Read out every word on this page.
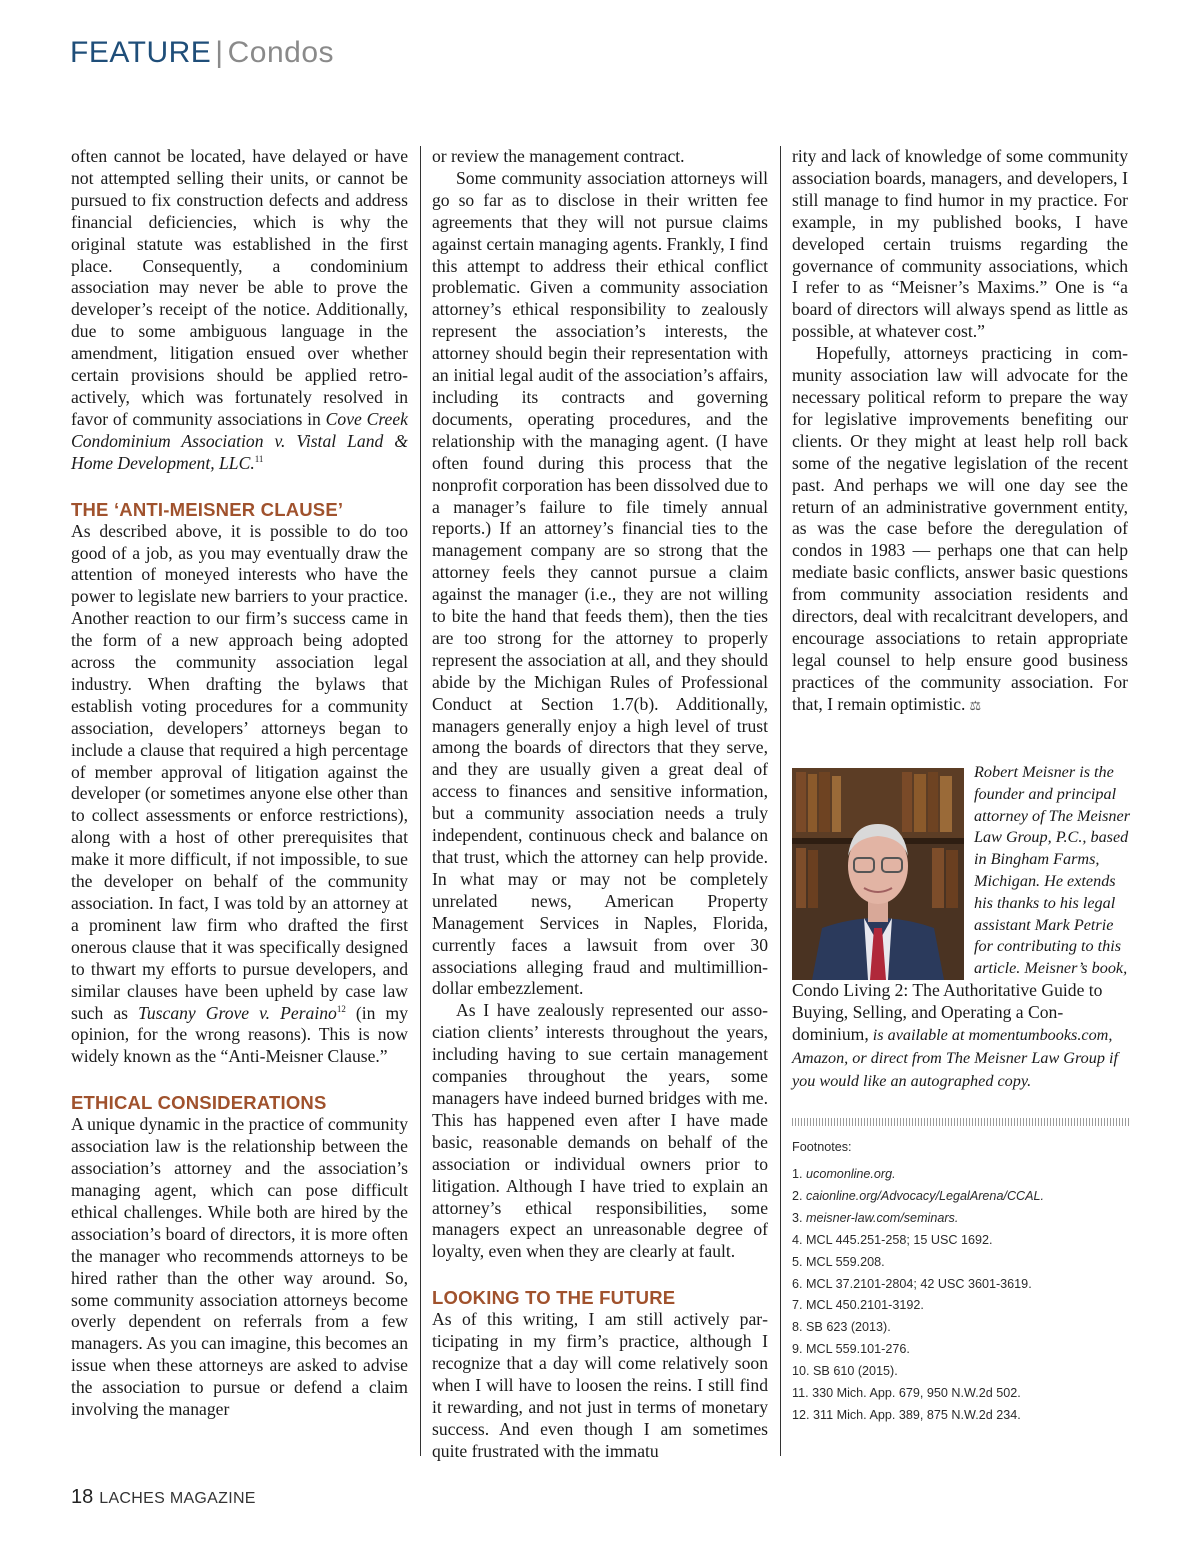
FEATURE | Condos

often cannot be located, have delayed or have not attempted selling their units, or cannot be pursued to fix construction defects and address financial deficiencies, which is why the original statute was established in the first place. Consequently, a condominium association may never be able to prove the developer’s receipt of the notice. Additionally, due to some ambiguous language in the amendment, litigation ensued over whether certain provisions should be applied retroactively, which was fortunately resolved in favor of community associations in Cove Creek Condominium Association v. Vistal Land & Home Development, LLC.$^{11}$

THE ‘ANTI-MEISNER CLAUSE’

As described above, it is possible to do too good of a job, as you may eventually draw the attention of moneyed interests who have the power to legislate new barriers to your practice. Another reaction to our firm’s success came in the form of a new approach being adopted across the community association legal industry. When drafting the bylaws that establish voting procedures for a community association, developers’ attorneys began to include a clause that required a high percentage of member approval of litigation against the developer (or sometimes anyone else other than to collect assessments or enforce restrictions), along with a host of other prerequisites that make it more difficult, if not impossible, to sue the developer on behalf of the community association. In fact, I was told by an attorney at a prominent law firm who drafted the first onerous clause that it was specifically designed to thwart my efforts to pursue developers, and similar clauses have been upheld by case law such as Tuscany Grove v. Peraino$^{12}$ (in my opinion, for the wrong reasons). This is now widely known as the “Anti-Meisner Clause.”

ETHICAL CONSIDERATIONS

A unique dynamic in the practice of community association law is the relationship between the association’s attorney and the association’s managing agent, which can pose difficult ethical challenges. While both are hired by the association’s board of directors, it is more often the manager who recommends attorneys to be hired rather than the other way around. So, some community association attorneys become overly dependent on referrals from a few managers. As you can imagine, this becomes an issue when these attorneys are asked to advise the association to pursue or defend a claim involving the manager

or review the management contract.

Some community association attorneys will go so far as to disclose in their written fee agreements that they will not pursue claims against certain managing agents. Frankly, I find this attempt to address their ethical conflict problematic. Given a community association attorney’s ethical responsibility to zealously represent the association’s interests, the attorney should begin their representation with an initial legal audit of the association’s affairs, including its contracts and governing documents, operating procedures, and the relationship with the managing agent. (I have often found during this process that the nonprofit corporation has been dissolved due to a manager’s failure to file timely annual reports.) If an attorney’s financial ties to the management company are so strong that the attorney feels they cannot pursue a claim against the manager (i.e., they are not willing to bite the hand that feeds them), then the ties are too strong for the attorney to properly represent the association at all, and they should abide by the Michigan Rules of Professional Conduct at Section 1.7(b). Additionally, managers generally enjoy a high level of trust among the boards of directors that they serve, and they are usually given a great deal of access to finances and sensitive information, but a community association needs a truly independent, continuous check and balance on that trust, which the attorney can help provide. In what may or may not be completely unrelated news, American Property Management Services in Naples, Florida, currently faces a lawsuit from over 30 associations alleging fraud and multimillion-dollar embezzlement.

As I have zealously represented our association clients’ interests throughout the years, including having to sue certain management companies throughout the years, some managers have indeed burned bridges with me. This has happened even after I have made basic, reasonable demands on behalf of the association or individual owners prior to litigation. Although I have tried to explain an attorney’s ethical responsibilities, some managers expect an unreasonable degree of loyalty, even when they are clearly at fault.

LOOKING TO THE FUTURE

As of this writing, I am still actively participating in my firm’s practice, although I recognize that a day will come relatively soon when I will have to loosen the reins. I still find it rewarding, and not just in terms of monetary success. And even though I am sometimes quite frustrated with the immatu

rity and lack of knowledge of some community association boards, managers, and developers, I still manage to find humor in my practice. For example, in my published books, I have developed certain truisms regarding the governance of community associations, which I refer to as “Meisner’s Maxims.” One is “a board of directors will always spend as little as possible, at whatever cost.”

Hopefully, attorneys practicing in community association law will advocate for the necessary political reform to prepare the way for legislative improvements benefiting our clients. Or they might at least help roll back some of the negative legislation of the recent past. And perhaps we will one day see the return of an administrative government entity, as was the case before the deregulation of condos in 1983 — perhaps one that can help mediate basic conflicts, answer basic questions from community association residents and directors, deal with recalcitrant developers, and encourage associations to retain appropriate legal counsel to help ensure good business practices of the community association. For that, I remain optimistic. ⚖

Robert Meisner is the founder and principal attorney of The Meisner Law Group, P.C., based in Bingham Farms, Michigan. He extends his thanks to his legal assistant Mark Petrie for contributing to this article. Meisner’s book,
Condo Living 2: The Authoritative Guide to Buying, Selling, and Operating a Condominium, is available at momentumbooks.com, Amazon, or direct from The Meisner Law Group if you would like an autographed copy.
Footnotes:
1. ucomonline.org.
2. caionline.org/Advocacy/LegalArena/CCAL.
3. meisner-law.com/seminars.
4. MCL 445.251-258; 15 USC 1692.
5. MCL 559.208.
6. MCL 37.2101-2804; 42 USC 3601-3619.
7. MCL 450.2101-3192.
8. SB 623 (2013).
9. MCL 559.101-276.
10. SB 610 (2015).
11. 330 Mich. App. 679, 950 N.W.2d 502.
12. 311 Mich. App. 389, 875 N.W.2d 234.
18 LACHES MAGAZINE
